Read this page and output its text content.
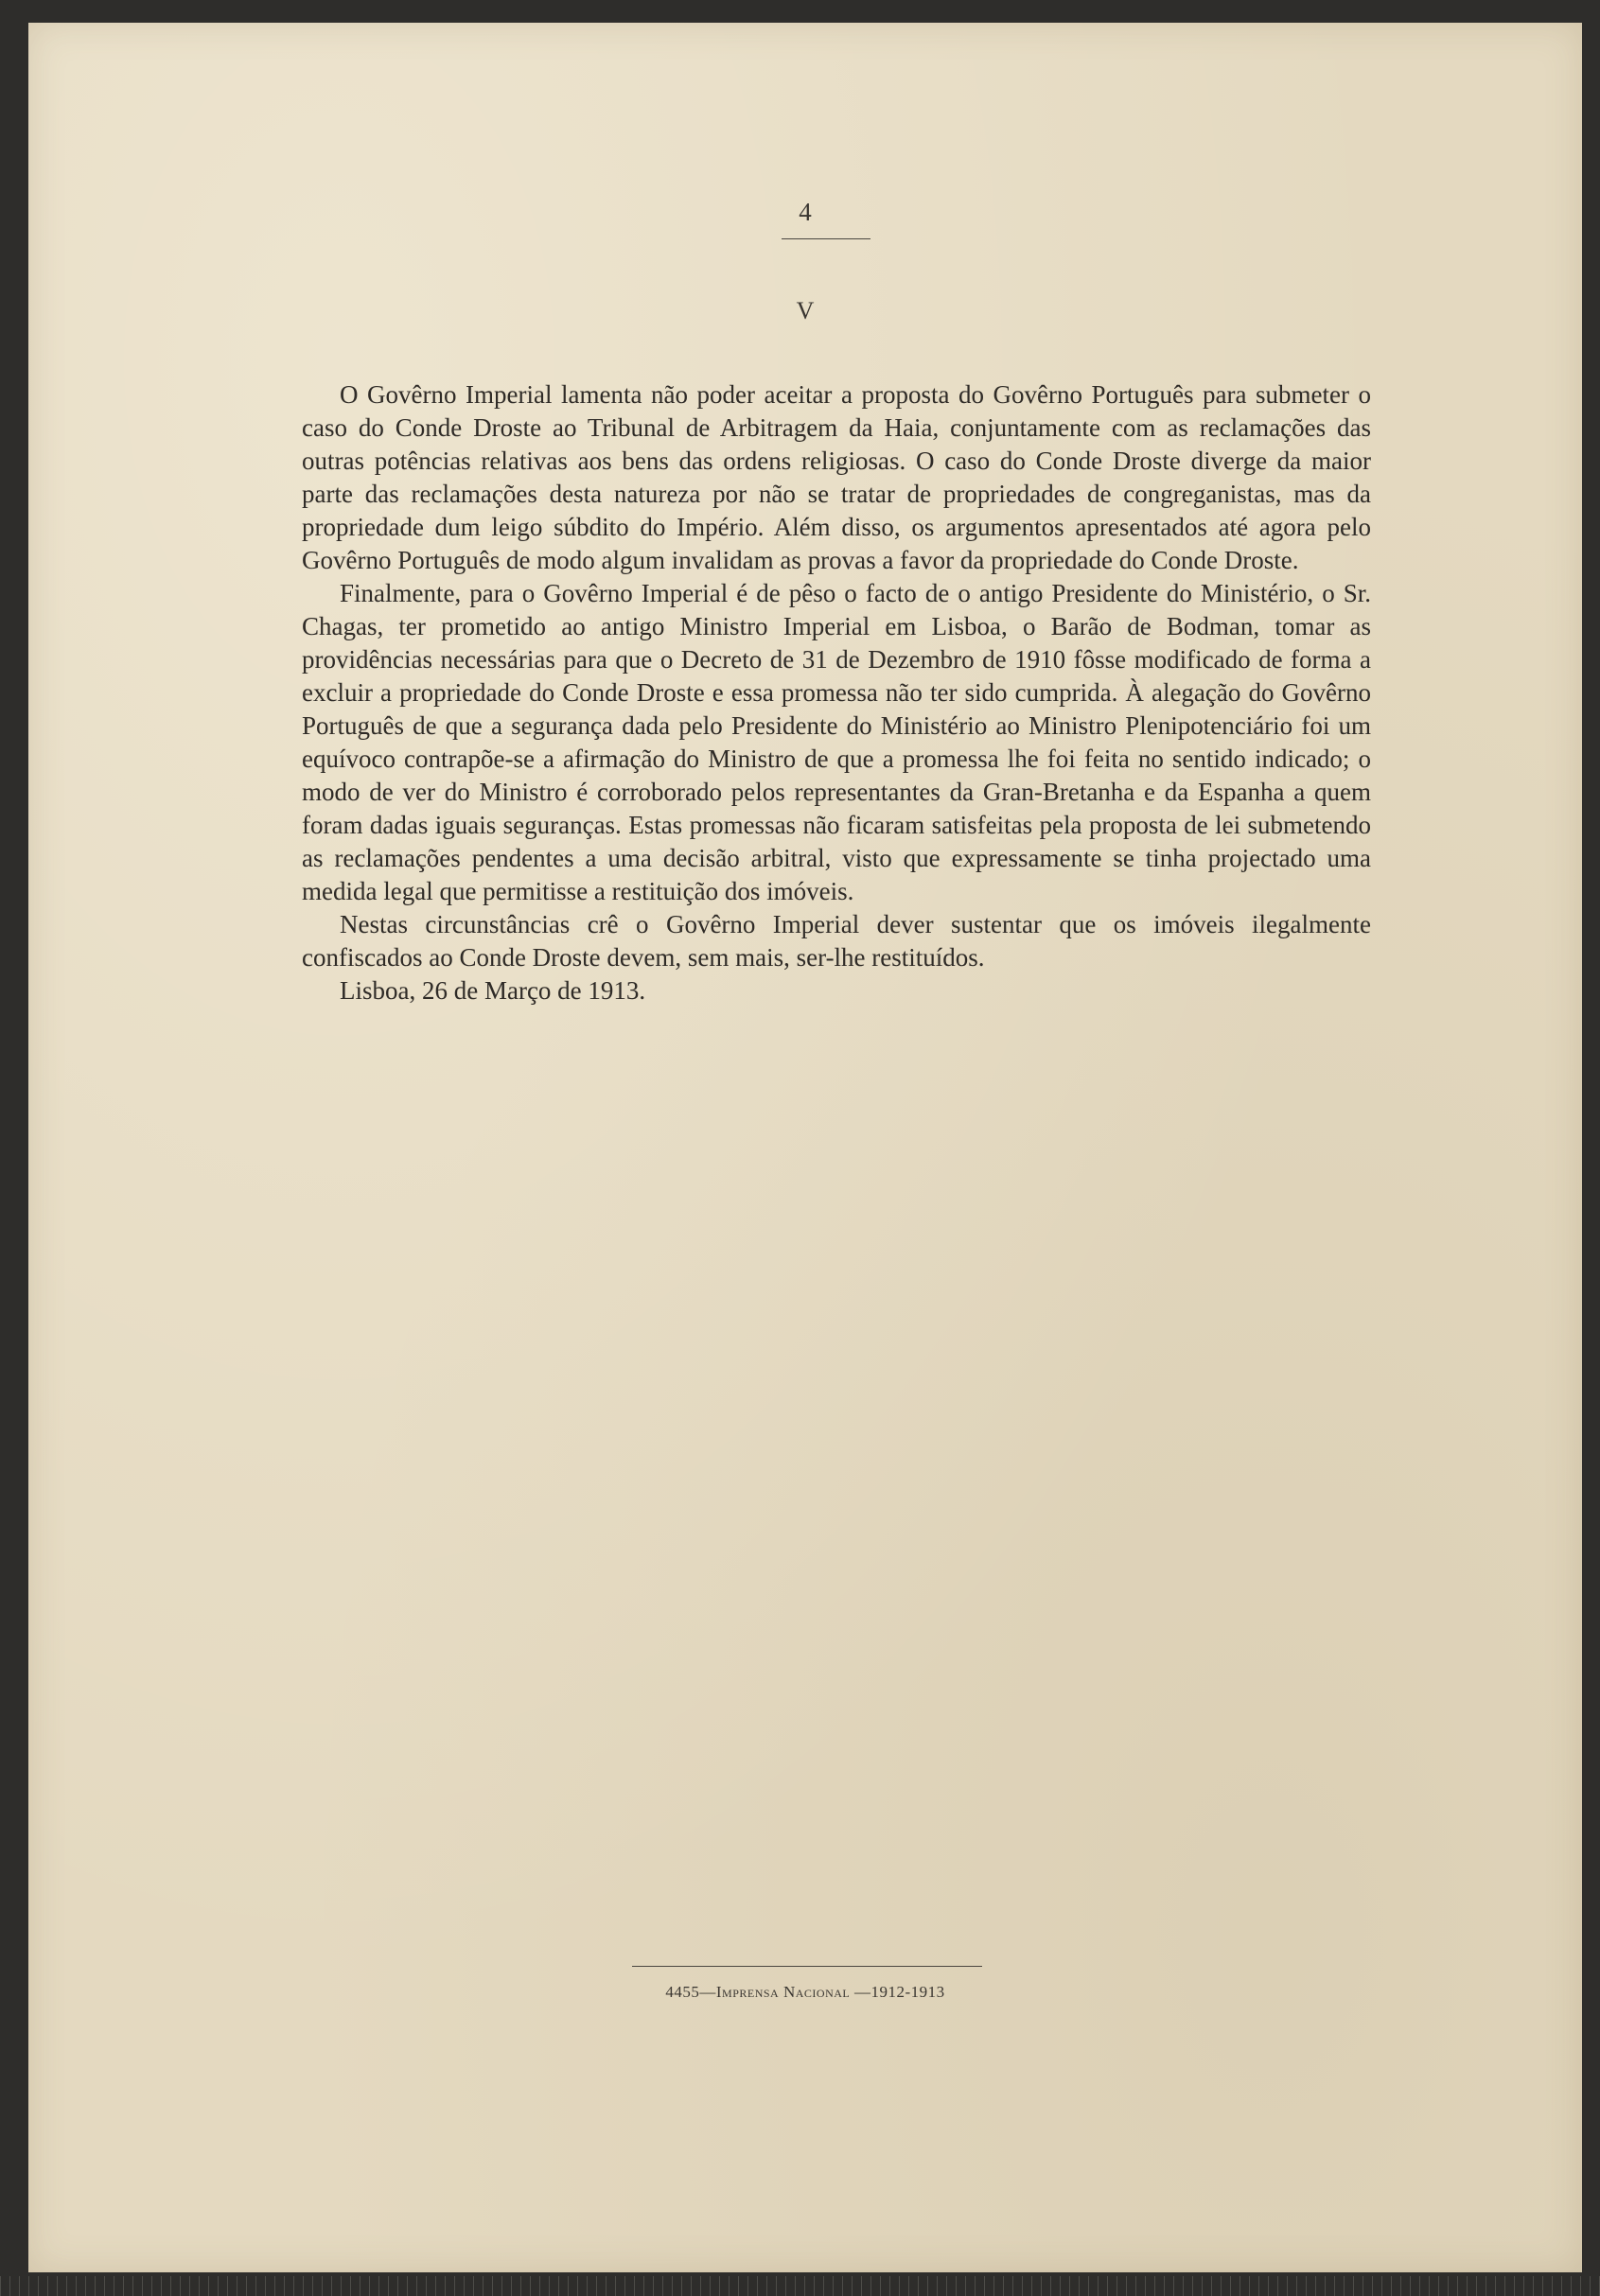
4
V

O Govêrno Imperial lamenta não poder aceitar a proposta do Govêrno Português para submeter o caso do Conde Droste ao Tribunal de Arbitragem da Haia, conjuntamente com as reclamações das outras potências relativas aos bens das ordens religiosas. O caso do Conde Droste diverge da maior parte das reclamações desta natureza por não se tratar de propriedades de congreganistas, mas da propriedade dum leigo súbdito do Império. Além disso, os argumentos apresentados até agora pelo Govêrno Português de modo algum invalidam as provas a favor da propriedade do Conde Droste.

Finalmente, para o Govêrno Imperial é de pêso o facto de o antigo Presidente do Ministério, o Sr. Chagas, ter prometido ao antigo Ministro Imperial em Lisboa, o Barão de Bodman, tomar as providências necessárias para que o Decreto de 31 de Dezembro de 1910 fôsse modificado de forma a excluir a propriedade do Conde Droste e essa promessa não ter sido cumprida. À alegação do Govêrno Português de que a segurança dada pelo Presidente do Ministério ao Ministro Plenipotenciário foi um equívoco contrapõe-se a afirmação do Ministro de que a promessa lhe foi feita no sentido indicado; o modo de ver do Ministro é corroborado pelos representantes da Gran-Bretanha e da Espanha a quem foram dadas iguais seguranças. Estas promessas não ficaram satisfeitas pela proposta de lei submetendo as reclamações pendentes a uma decisão arbitral, visto que expressamente se tinha projectado uma medida legal que permitisse a restituição dos imóveis.

Nestas circunstâncias crê o Govêrno Imperial dever sustentar que os imóveis ilegalmente confiscados ao Conde Droste devem, sem mais, ser-lhe restituídos.

Lisboa, 26 de Março de 1913.

4455—Imprensa Nacional —1912-1913
